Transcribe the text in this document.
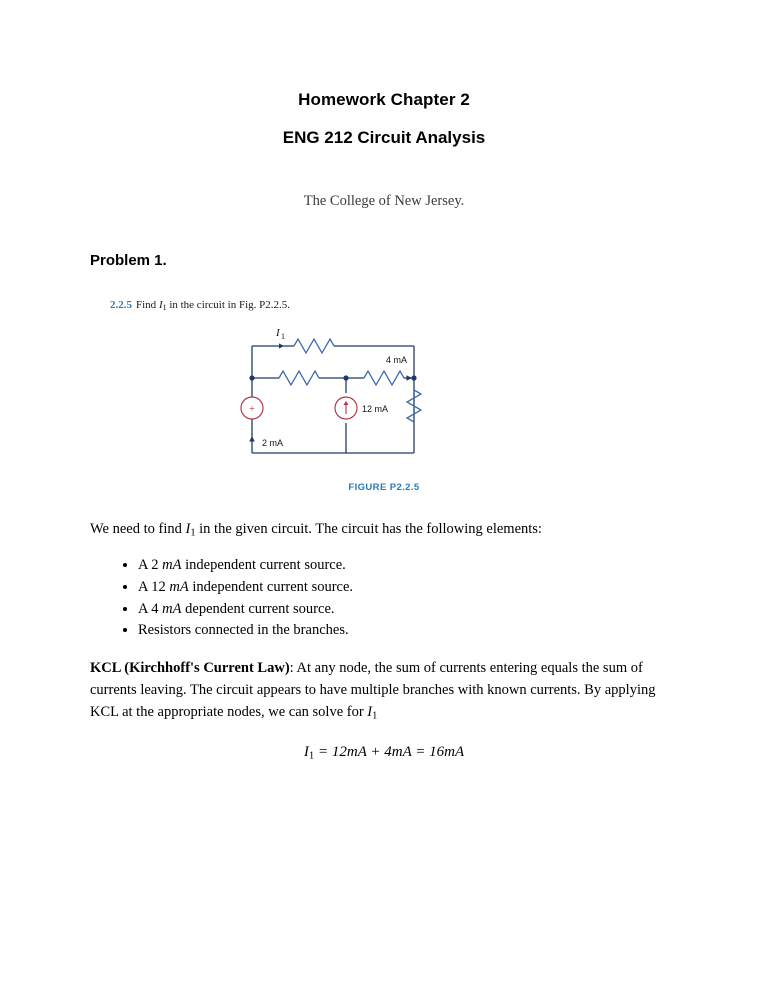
Homework Chapter 2

ENG 212 Circuit Analysis

The College of New Jersey.
Problem 1.
2.2.5 Find $I_1$ in the circuit in Fig. P2.2.5.
+
I 1
4 mA
12 mA
2 mA
FIGURE P2.2.5

We need to find $I_1$ in the given circuit. The circuit has the following elements:

• A 2 mA independent current source.
• A 12 mA independent current source.
• A 4 mA dependent current source.
• Resistors connected in the branches.

KCL (Kirchhoff's Current Law): At any node, the sum of currents entering equals the sum of currents leaving. The circuit appears to have multiple branches with known currents. By applying KCL at the appropriate nodes, we can solve for $I_1$

$I_1 = 12mA + 4mA = 16mA$
